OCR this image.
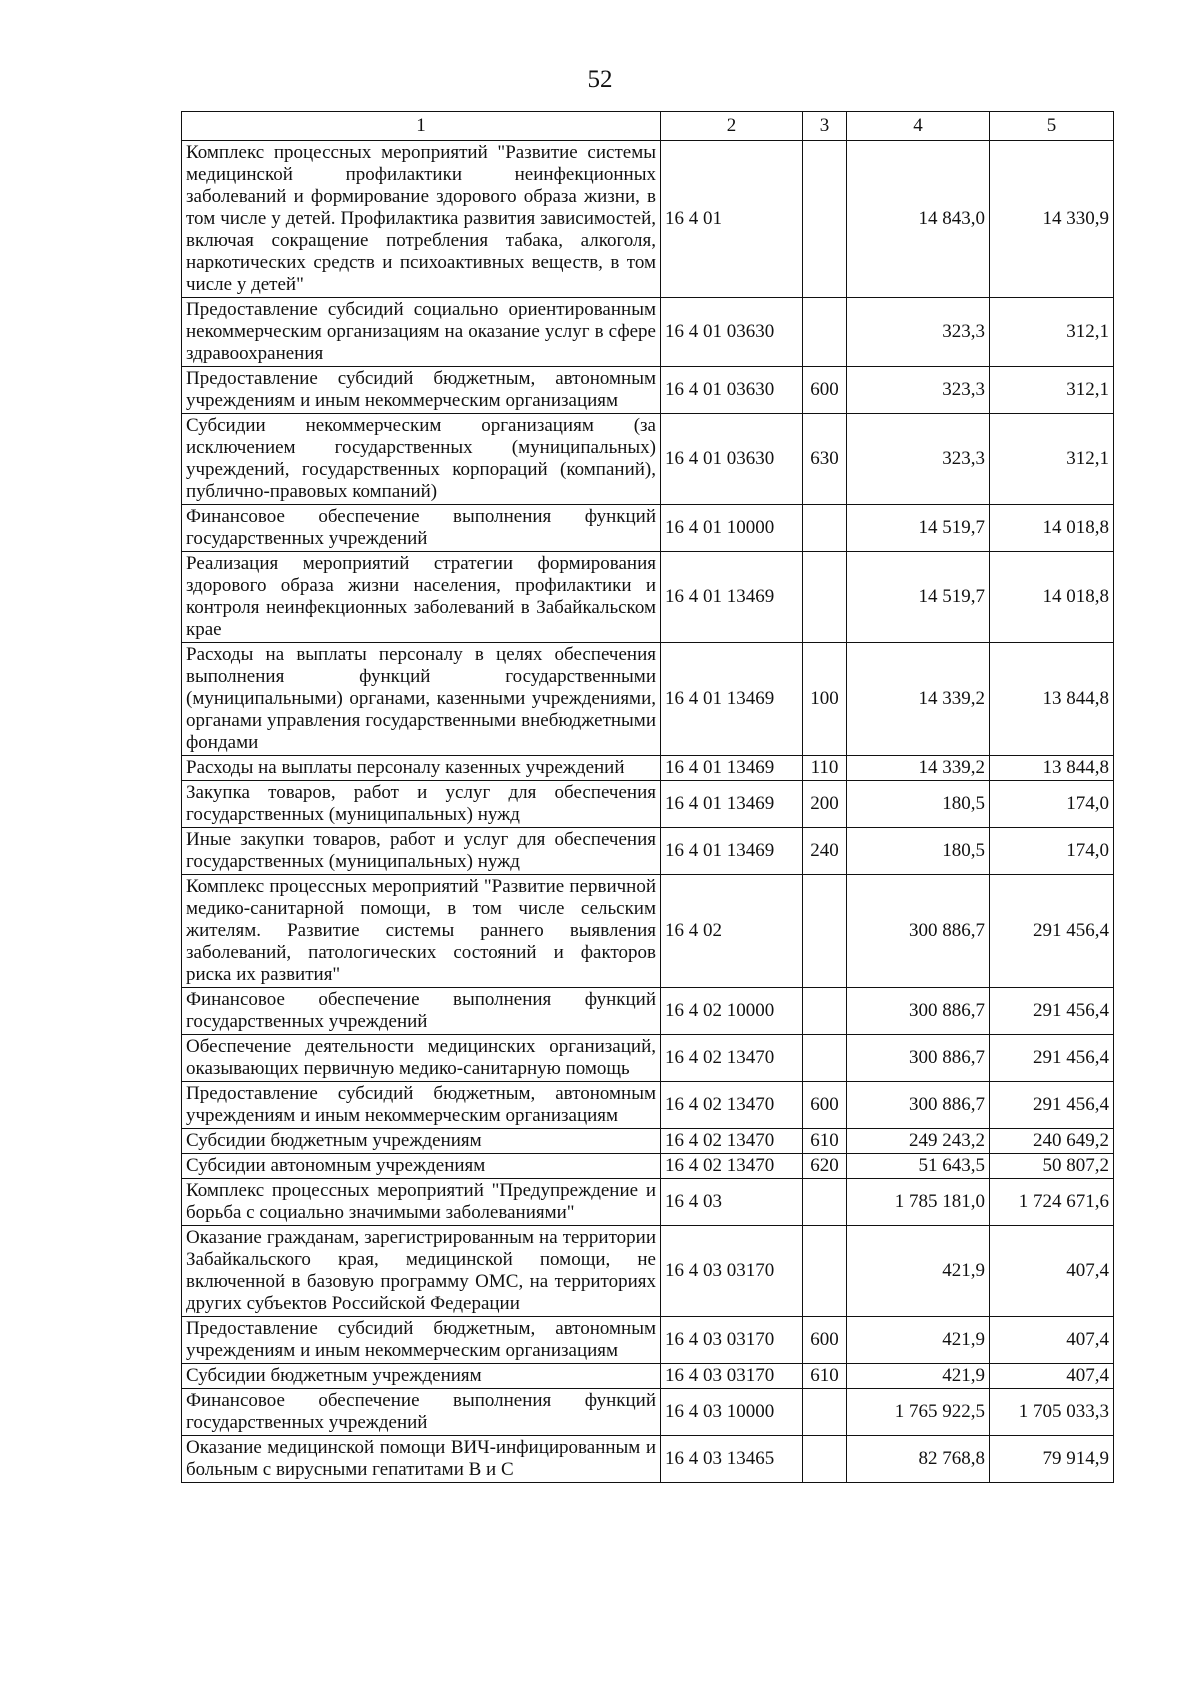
52
1	2	3	4	5
Комплекс процессных мероприятий "Развитие системы медицинской профилактики неинфекционных заболеваний и формирование здорового образа жизни, в том числе у детей. Профилактика развития зависимостей, включая сокращение потребления табака, алкоголя, наркотических средств и психоактивных веществ, в том числе у детей"	16 4 01		14 843,0	14 330,9
Предоставление субсидий социально ориентированным некоммерческим организациям на оказание услуг в сфере здравоохранения	16 4 01 03630		323,3	312,1
Предоставление субсидий бюджетным, автономным учреждениям и иным некоммерческим организациям	16 4 01 03630	600	323,3	312,1
Субсидии некоммерческим организациям (за исключением государственных (муниципальных) учреждений, государственных корпораций (компаний), публично-правовых компаний)	16 4 01 03630	630	323,3	312,1
Финансовое обеспечение выполнения функций государственных учреждений	16 4 01 10000		14 519,7	14 018,8
Реализация мероприятий стратегии формирования здорового образа жизни населения, профилактики и контроля неинфекционных заболеваний в Забайкальском крае	16 4 01 13469		14 519,7	14 018,8
Расходы на выплаты персоналу в целях обеспечения выполнения функций государственными (муниципальными) органами, казенными учреждениями, органами управления государственными внебюджетными фондами	16 4 01 13469	100	14 339,2	13 844,8
Расходы на выплаты персоналу казенных учреждений	16 4 01 13469	110	14 339,2	13 844,8
Закупка товаров, работ и услуг для обеспечения государственных (муниципальных) нужд	16 4 01 13469	200	180,5	174,0
Иные закупки товаров, работ и услуг для обеспечения государственных (муниципальных) нужд	16 4 01 13469	240	180,5	174,0
Комплекс процессных мероприятий "Развитие первичной медико-санитарной помощи, в том числе сельским жителям. Развитие системы раннего выявления заболеваний, патологических состояний и факторов риска их развития"	16 4 02		300 886,7	291 456,4
Финансовое обеспечение выполнения функций государственных учреждений	16 4 02 10000		300 886,7	291 456,4
Обеспечение деятельности медицинских организаций, оказывающих первичную медико-санитарную помощь	16 4 02 13470		300 886,7	291 456,4
Предоставление субсидий бюджетным, автономным учреждениям и иным некоммерческим организациям	16 4 02 13470	600	300 886,7	291 456,4
Субсидии бюджетным учреждениям	16 4 02 13470	610	249 243,2	240 649,2
Субсидии автономным учреждениям	16 4 02 13470	620	51 643,5	50 807,2
Комплекс процессных мероприятий "Предупреждение и борьба с социально значимыми заболеваниями"	16 4 03		1 785 181,0	1 724 671,6
Оказание гражданам, зарегистрированным на территории Забайкальского края, медицинской помощи, не включенной в базовую программу ОМС, на территориях других субъектов Российской Федерации	16 4 03 03170		421,9	407,4
Предоставление субсидий бюджетным, автономным учреждениям и иным некоммерческим организациям	16 4 03 03170	600	421,9	407,4
Субсидии бюджетным учреждениям	16 4 03 03170	610	421,9	407,4
Финансовое обеспечение выполнения функций государственных учреждений	16 4 03 10000		1 765 922,5	1 705 033,3
Оказание медицинской помощи ВИЧ-инфицированным и больным с вирусными гепатитами В и С	16 4 03 13465		82 768,8	79 914,9
